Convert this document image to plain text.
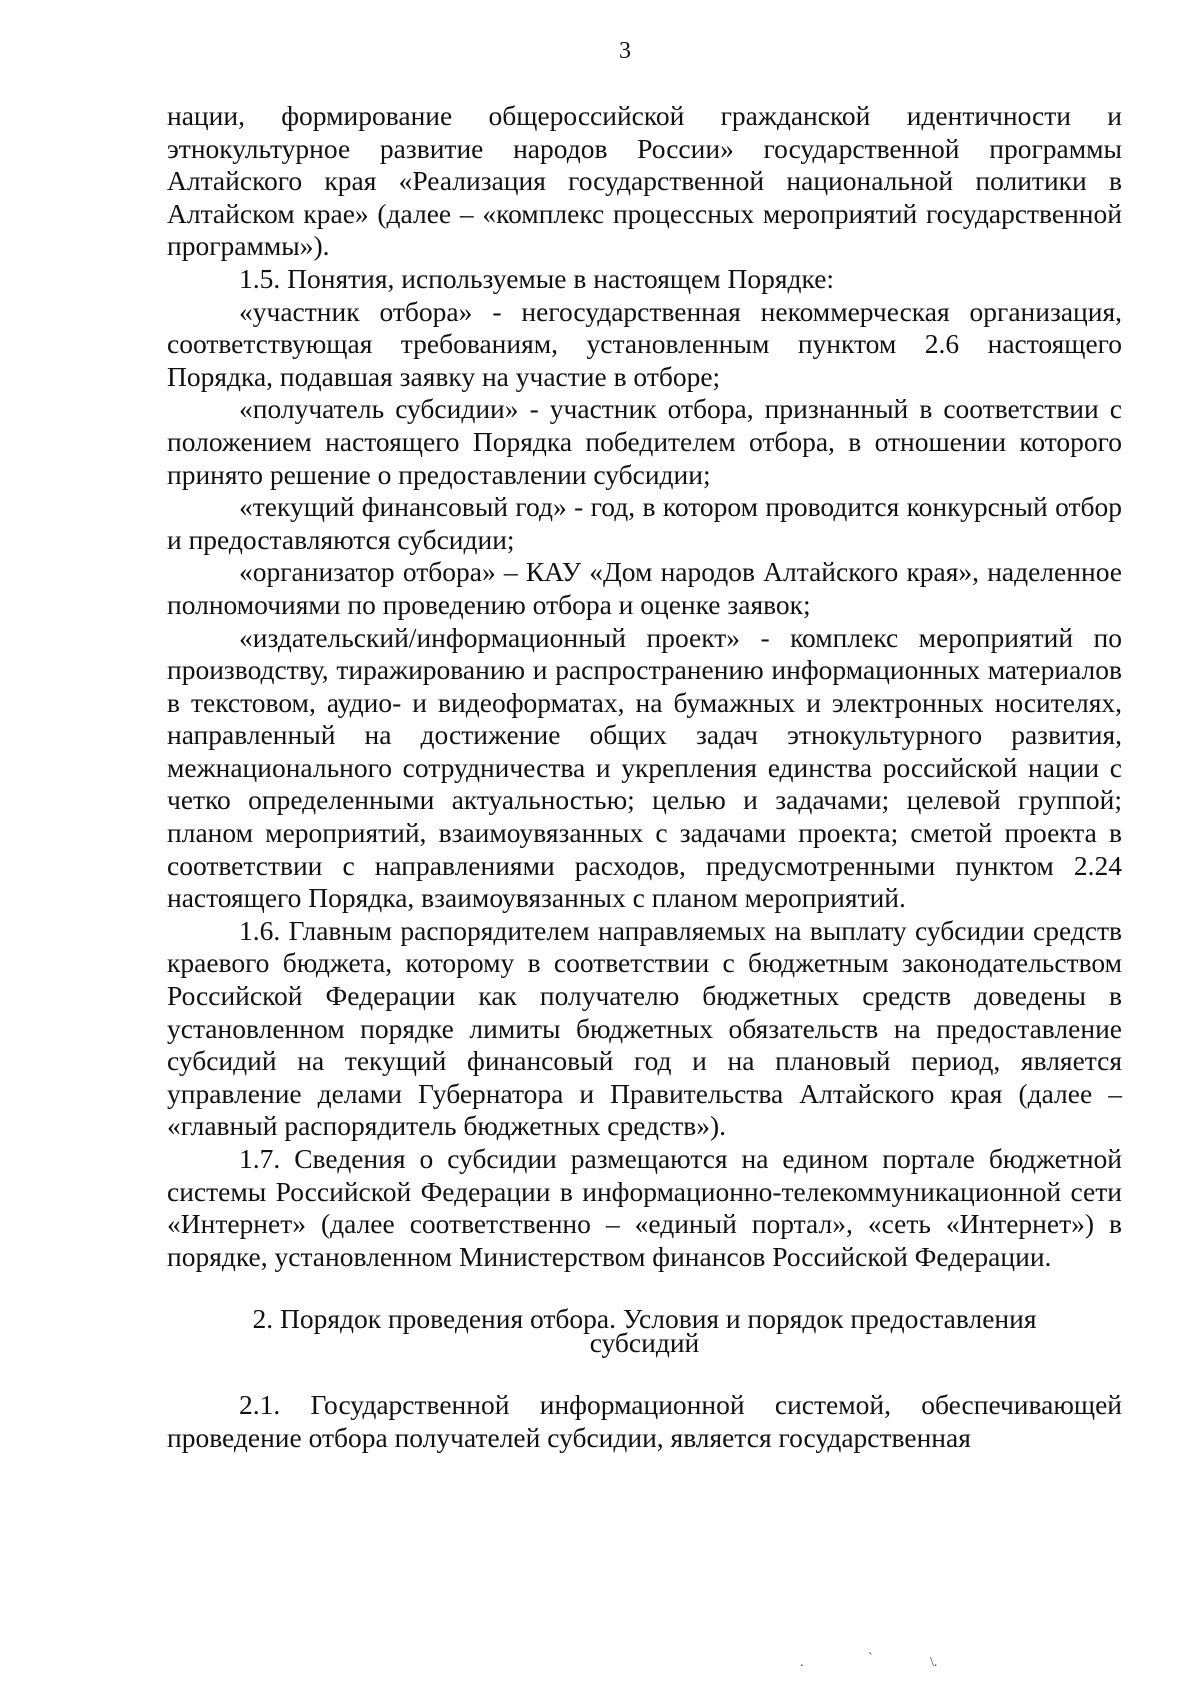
3

нации, формирование общероссийской гражданской идентичности и этнокультурное развитие народов России» государственной программы Алтайского края «Реализация государственной национальной политики в Алтайском крае» (далее – «комплекс процессных мероприятий государственной программы»).

1.5. Понятия, используемые в настоящем Порядке:

«участник отбора» - негосударственная некоммерческая организация, соответствующая требованиям, установленным пунктом 2.6 настоящего Порядка, подавшая заявку на участие в отборе;

«получатель субсидии» - участник отбора, признанный в соответствии с положением настоящего Порядка победителем отбора, в отношении которого принято решение о предоставлении субсидии;

«текущий финансовый год» - год, в котором проводится конкурсный отбор и предоставляются субсидии;

«организатор отбора» – КАУ «Дом народов Алтайского края», наделенное полномочиями по проведению отбора и оценке заявок;

«издательский/информационный проект» - комплекс мероприятий по производству, тиражированию и распространению информационных материалов в текстовом, аудио- и видеоформатах, на бумажных и электронных носителях, направленный на достижение общих задач этнокультурного развития, межнационального сотрудничества и укрепления единства российской нации с четко определенными актуальностью; целью и задачами; целевой группой; планом мероприятий, взаимоувязанных с задачами проекта; сметой проекта в соответствии с направлениями расходов, предусмотренными пунктом 2.24 настоящего Порядка, взаимоувязанных с планом мероприятий.

1.6. Главным распорядителем направляемых на выплату субсидии средств краевого бюджета, которому в соответствии с бюджетным законодательством Российской Федерации как получателю бюджетных средств доведены в установленном порядке лимиты бюджетных обязательств на предоставление субсидий на текущий финансовый год и на плановый период, является управление делами Губернатора и Правительства Алтайского края (далее – «главный распорядитель бюджетных средств»).

1.7. Сведения о субсидии размещаются на едином портале бюджетной системы Российской Федерации в информационно-телекоммуникационной сети «Интернет» (далее соответственно – «единый портал», «сеть «Интернет») в порядке, установленном Министерством финансов Российской Федерации.

2. Порядок проведения отбора. Условия и порядок предоставления
субсидий

2.1. Государственной информационной системой, обеспечивающей проведение отбора получателей субсидии, является государственная

.	`	\.
